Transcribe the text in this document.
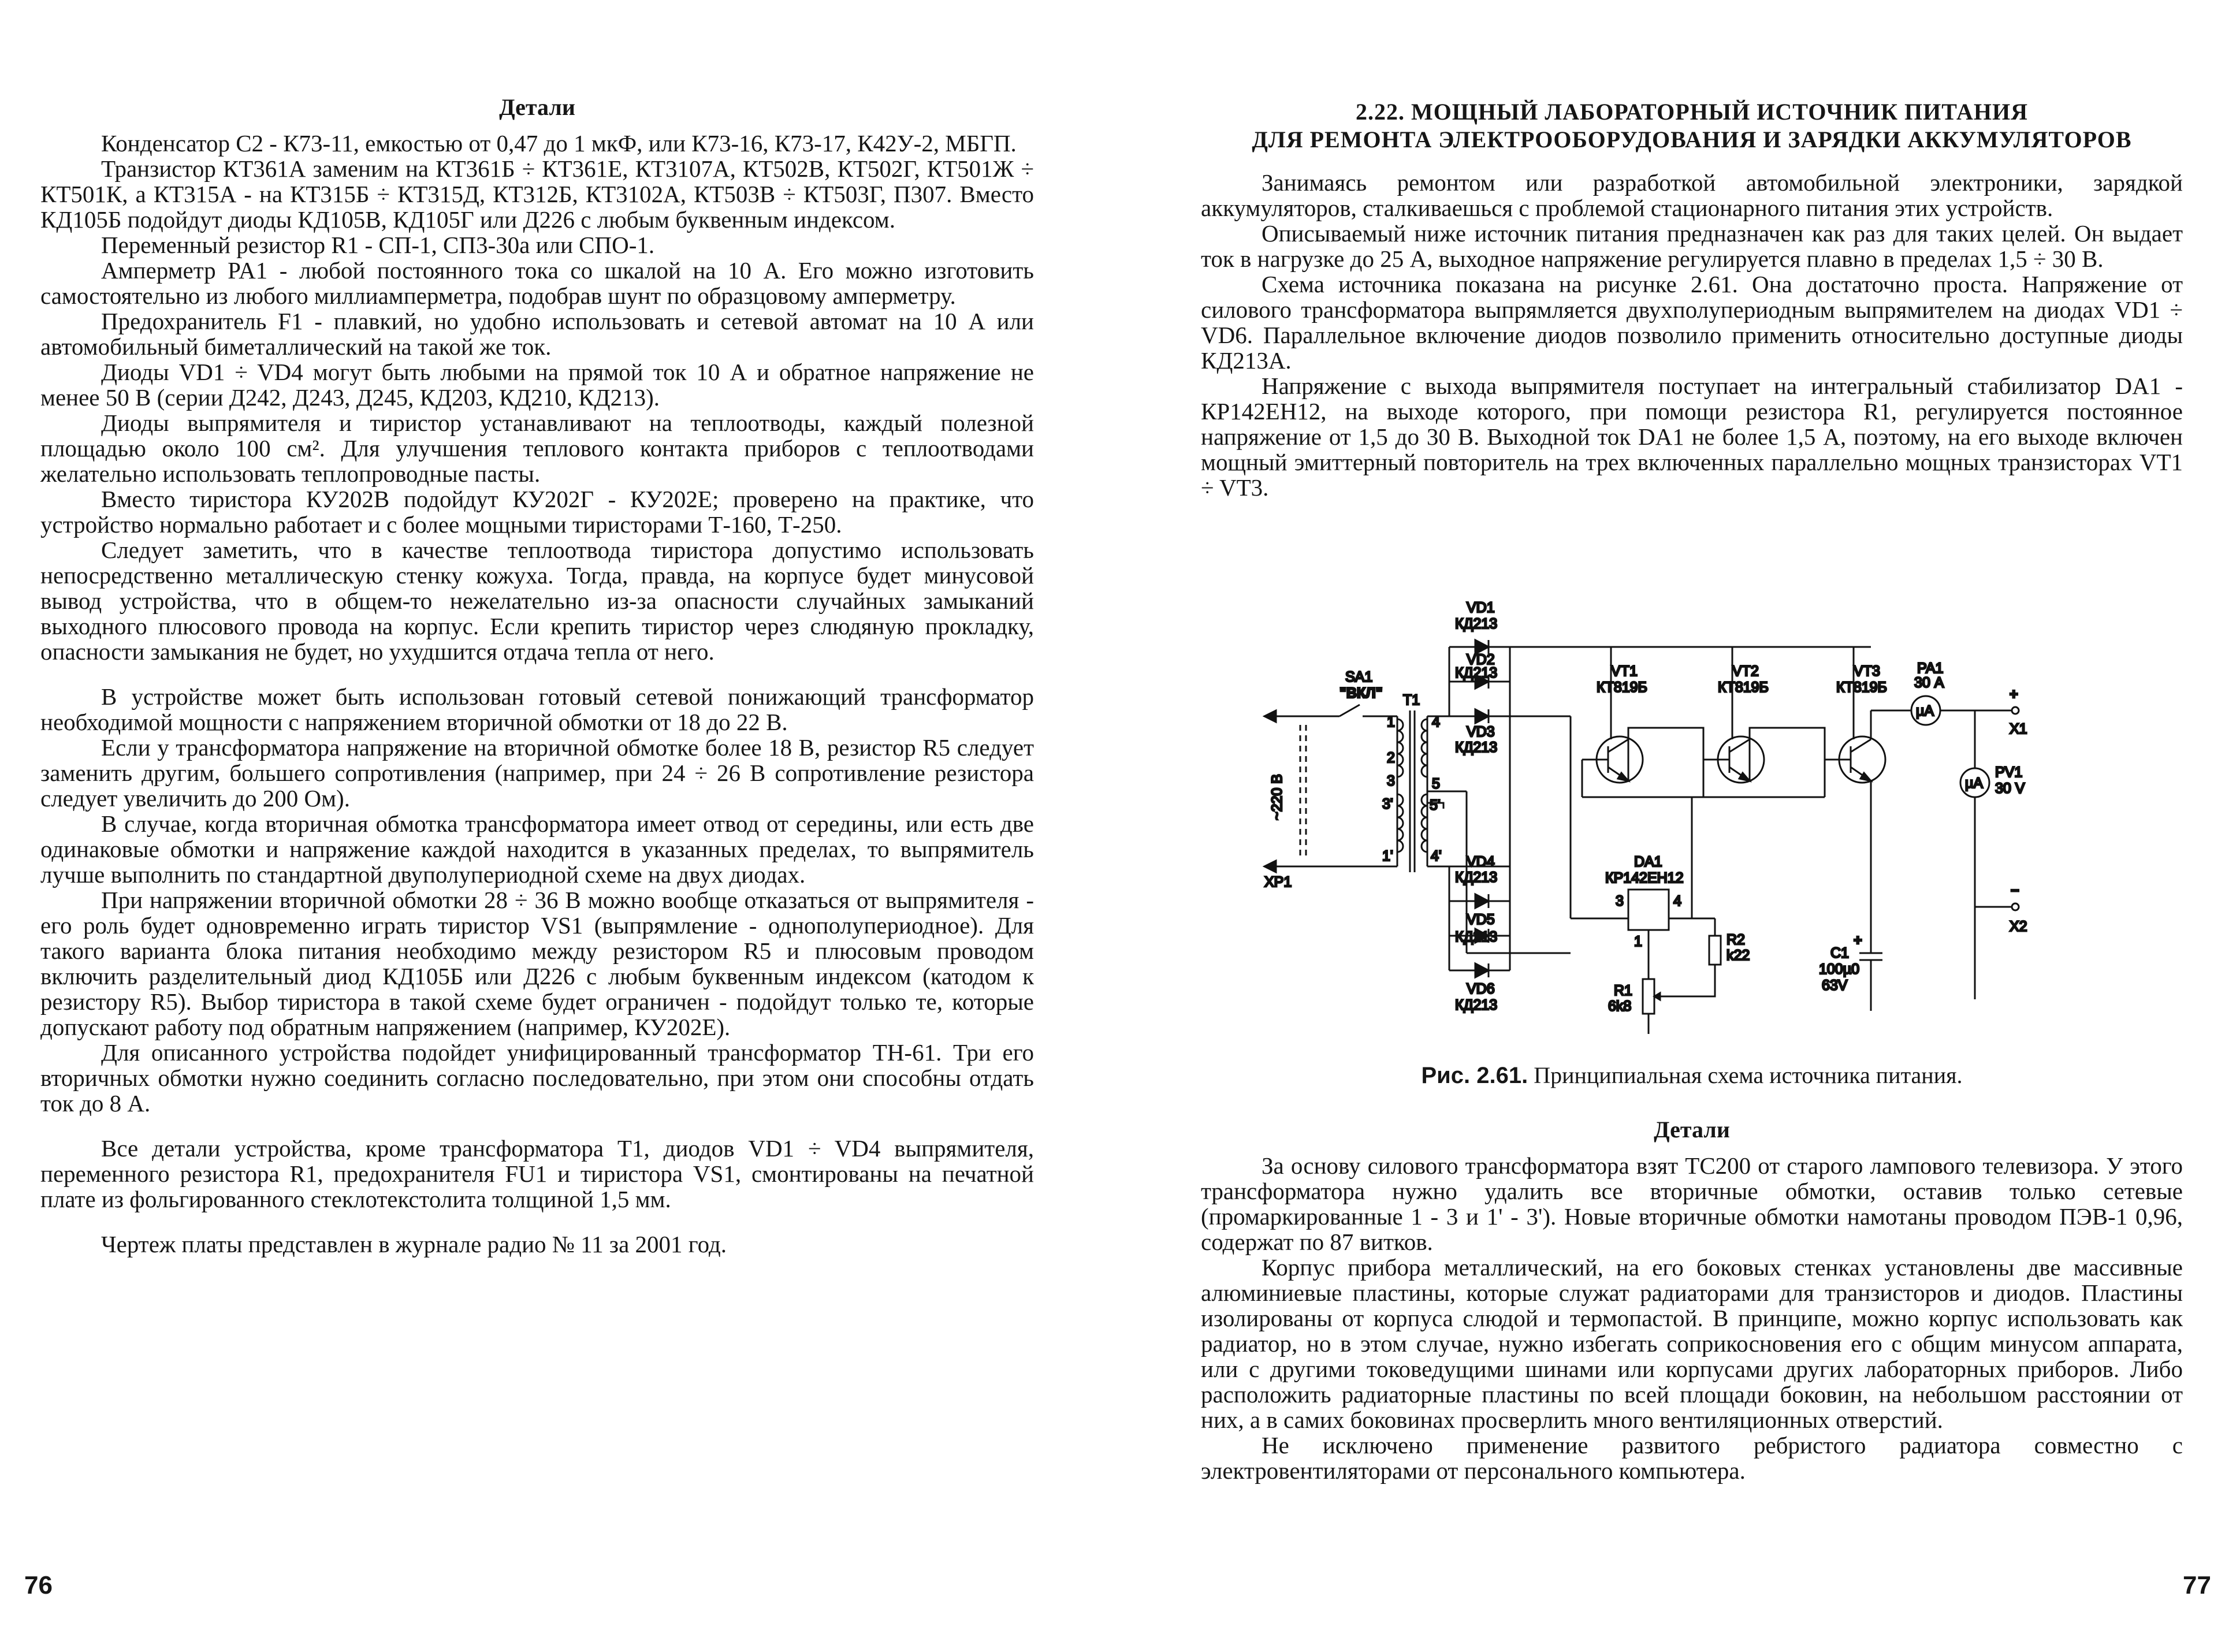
Детали

Конденсатор С2 - К73-11, емкостью от 0,47 до 1 мкФ, или К73-16, К73-17, К42У-2, МБГП.

Транзистор КТ361А заменим на КТ361Б ÷ КТ361Е, КТ3107А, КТ502В, КТ502Г, КТ501Ж ÷ КТ501К, а КТ315А - на КТ315Б ÷ КТ315Д, КТ312Б, КТ3102А, КТ503В ÷ КТ503Г, П307. Вместо КД105Б подойдут диоды КД105В, КД105Г или Д226 с любым буквенным индексом.

Переменный резистор R1 - СП-1, СП3-30а или СПО-1.

Амперметр PA1 - любой постоянного тока со шкалой на 10 А. Его можно изготовить самостоятельно из любого миллиамперметра, подобрав шунт по образцовому амперметру.

Предохранитель F1 - плавкий, но удобно использовать и сетевой автомат на 10 А или автомобильный биметаллический на такой же ток.

Диоды VD1 ÷ VD4 могут быть любыми на прямой ток 10 А и обратное напряжение не менее 50 В (серии Д242, Д243, Д245, КД203, КД210, КД213).

Диоды выпрямителя и тиристор устанавливают на теплоотводы, каждый полезной площадью около 100 см². Для улучшения теплового контакта приборов с теплоотводами желательно использовать теплопроводные пасты.

Вместо тиристора КУ202В подойдут КУ202Г - КУ202Е; проверено на практике, что устройство нормально работает и с более мощными тиристорами Т-160, Т-250.

Следует заметить, что в качестве теплоотвода тиристора допустимо использовать непосредственно металлическую стенку кожуха. Тогда, правда, на корпусе будет минусовой вывод устройства, что в общем-то нежелательно из-за опасности случайных замыканий выходного плюсового провода на корпус. Если крепить тиристор через слюдяную прокладку, опасности замыкания не будет, но ухудшится отдача тепла от него.

В устройстве может быть использован готовый сетевой понижающий трансформатор необходимой мощности с напряжением вторичной обмотки от 18 до 22 В.

Если у трансформатора напряжение на вторичной обмотке более 18 В, резистор R5 следует заменить другим, большего сопротивления (например, при 24 ÷ 26 В сопротивление резистора следует увеличить до 200 Ом).

В случае, когда вторичная обмотка трансформатора имеет отвод от середины, или есть две одинаковые обмотки и напряжение каждой находится в указанных пределах, то выпрямитель лучше выполнить по стандартной двуполупериодной схеме на двух диодах.

При напряжении вторичной обмотки 28 ÷ 36 В можно вообще отказаться от выпрямителя - его роль будет одновременно играть тиристор VS1 (выпрямление - однополупериодное). Для такого варианта блока питания необходимо между резистором R5 и плюсовым проводом включить разделительный диод КД105Б или Д226 с любым буквенным индексом (катодом к резистору R5). Выбор тиристора в такой схеме будет ограничен - подойдут только те, которые допускают работу под обратным напряжением (например, КУ202Е).

Для описанного устройства подойдет унифицированный трансформатор ТН-61. Три его вторичных обмотки нужно соединить согласно последовательно, при этом они способны отдать ток до 8 А.

Все детали устройства, кроме трансформатора Т1, диодов VD1 ÷ VD4 выпрямителя, переменного резистора R1, предохранителя FU1 и тиристора VS1, смонтированы на печатной плате из фольгированного стеклотекстолита толщиной 1,5 мм.

Чертеж платы представлен в журнале радио № 11 за 2001 год.

76
2.22. МОЩНЫЙ ЛАБОРАТОРНЫЙ ИСТОЧНИК ПИТАНИЯ
ДЛЯ РЕМОНТА ЭЛЕКТРООБОРУДОВАНИЯ И ЗАРЯДКИ АККУМУЛЯТОРОВ

Занимаясь ремонтом или разработкой автомобильной электроники, зарядкой аккумуляторов, сталкиваешься с проблемой стационарного питания этих устройств.

Описываемый ниже источник питания предназначен как раз для таких целей. Он выдает ток в нагрузке до 25 А, выходное напряжение регулируется плавно в пределах 1,5 ÷ 30 В.

Схема источника показана на рисунке 2.61. Она достаточно проста. Напряжение от силового трансформатора выпрямляется двухполупериодным выпрямителем на диодах VD1 ÷ VD6. Параллельное включение диодов позволило применить относительно доступные диоды КД213А.

Напряжение с выхода выпрямителя поступает на интегральный стабилизатор DA1 - КР142ЕН12, на выходе которого, при помощи резистора R1, регулируется постоянное напряжение от 1,5 до 30 В. Выходной ток DA1 не более 1,5 А, поэтому, на его выходе включен мощный эмиттерный повторитель на трех включенных параллельно мощных транзисторах VT1 ÷ VT3.

~220 В
XP1
SA1
"ВКЛ" T1
1
2
3
3'
1'
4
5
5'
4'
VD1
КД213
VD2
КД213
VD3
КД213
VD4
КД213
VD5
КД213
VD6
КД213
VT1
КТ819Б
VT2
КТ819Б
VT3
КТ819Б
µA
PA1
30 А
+
X1
µA
PV1
30 V
−
X2
DA1
КР142ЕН12
3	4
1	R2
k22
R1
6k8
+
C1
100µ0
63V
Рис. 2.61. Принципиальная схема источника питания.
Детали

За основу силового трансформатора взят ТС200 от старого лампового телевизора. У этого трансформатора нужно удалить все вторичные обмотки, оставив только сетевые (промаркированные 1 - 3 и 1' - 3'). Новые вторичные обмотки намотаны проводом ПЭВ-1 0,96, содержат по 87 витков.

Корпус прибора металлический, на его боковых стенках установлены две массивные алюминиевые пластины, которые служат радиаторами для транзисторов и диодов. Пластины изолированы от корпуса слюдой и термопастой. В принципе, можно корпус использовать как радиатор, но в этом случае, нужно избегать соприкосновения его с общим минусом аппарата, или с другими токоведущими шинами или корпусами других лабораторных приборов. Либо расположить радиаторные пластины по всей площади боковин, на небольшом расстоянии от них, а в самих боковинах просверлить много вентиляционных отверстий.

Не исключено применение развитого ребристого радиатора совместно с электровентиляторами от персонального компьютера.

77
